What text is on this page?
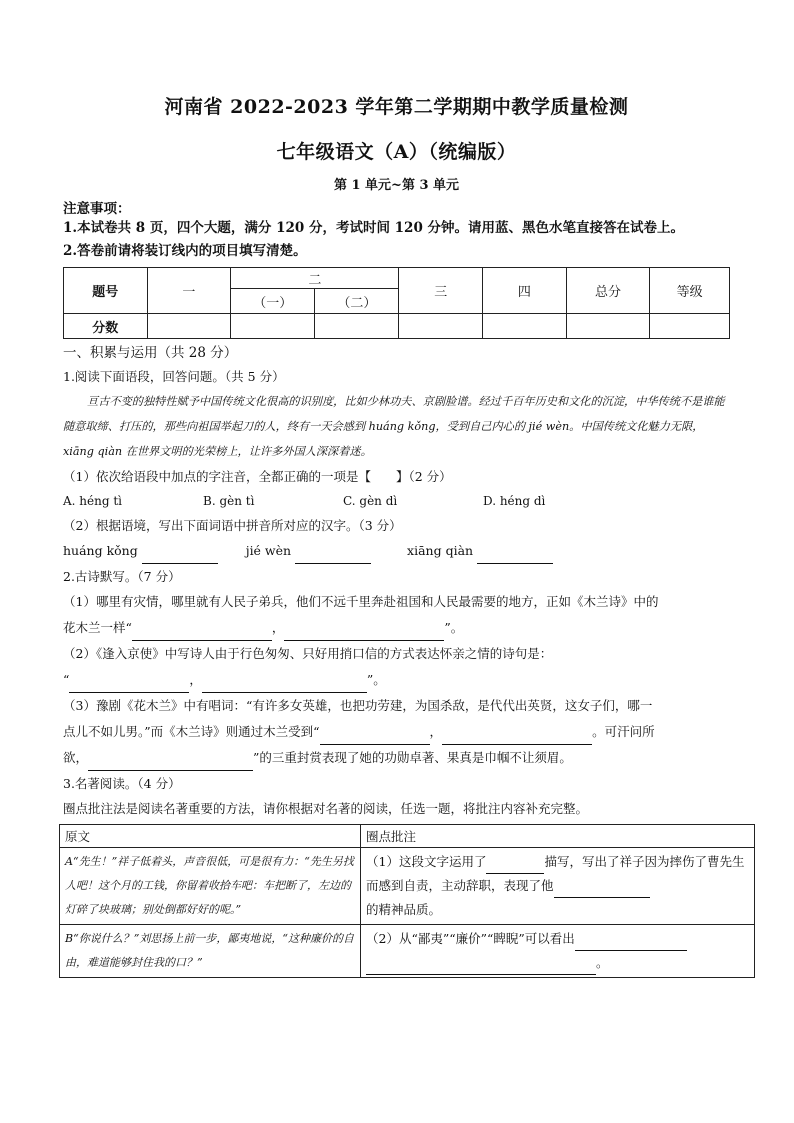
河南省 2022-2023 学年第二学期期中教学质量检测
七年级语文（A）（统编版）
第 1 单元~第 3 单元
注意事项：
1.本试卷共 8 页，四个大题，满分 120 分，考试时间 120 分钟。请用蓝、黑色水笔直接答在试卷上。
2.答卷前请将装订线内的项目填写清楚。
题号	一	二		三	四	总分	等级
		（一）	（二）				
分数							
一、积累与运用（共 28 分）
1.阅读下面语段，回答问题。（共 5 分）
亘古不变的独特性赋予中国传统文化很高的识别度，比如少林功夫、京剧脸谱。经过千百年历史和文化的沉淀，中华传统不是谁能随意取缔、打压的，那些向祖国举起刀的人，终有一天会感到 huáng kǒng，受到自己内心的 jié wèn。中国传统文化魅力无限，xiāng qiàn 在世界文明的光荣榜上，让许多外国人深深着迷。
（1）依次给语段中加点的字注音，全都正确的一项是【　　】（2 分）
A. héng tì	B. gèn tì	C. gèn dì	D. héng dì
（2）根据语境，写出下面词语中拼音所对应的汉字。（3 分）
huáng kǒng	jié wèn	xiāng qiàn
2.古诗默写。（7 分）
（1）哪里有灾情，哪里就有人民子弟兵，他们不远千里奔赴祖国和人民最需要的地方，正如《木兰诗》中的
花木兰一样“	，	”。
（2）《逢入京使》中写诗人由于行色匆匆、只好用捎口信的方式表达怀亲之情的诗句是：
“	，	”。
（3）豫剧《花木兰》中有唱词：“有许多女英雄，也把功劳建，为国杀敌，是代代出英贤，这女子们，哪一
点儿不如儿男。”而《木兰诗》则通过木兰受到“	，	。可汗问所
欲，	”的三重封赏表现了她的功勋卓著、果真是巾帼不让须眉。
3.名著阅读。（4 分）
圈点批注法是阅读名著重要的方法，请你根据对名著的阅读，任选一题，将批注内容补充完整。
原文	圈点批注
A“先生！”祥子低着头，声音很低，可是很有力：“先生另找人吧！这个月的工钱，你留着收拾车吧：车把断了，左边的灯碎了块玻璃；别处倒都好好的呢。”	（1）这段文字运用了 描写，写出了祥子因为摔伤了曹先生而感到自责，主动辞职，表现了他
的精神品质。
B“你说什么？”刘思扬上前一步，鄙夷地说，“这种廉价的自由，难道能够封住我的口？”	（2）从“鄙夷”“廉价”“睥睨”可以看出
。
